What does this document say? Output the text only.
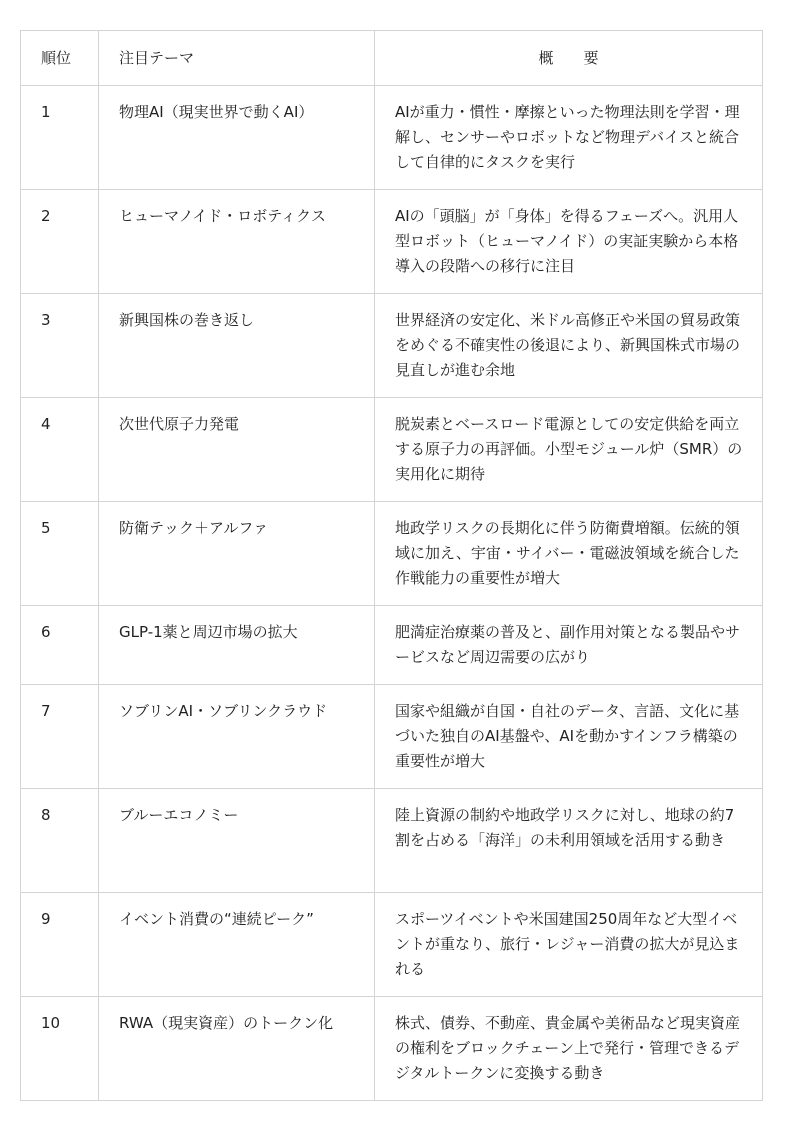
順位	注目テーマ	概　　要

1	物理AI（現実世界で動くAI）	AIが重力・慣性・摩擦といった物理法則を学習・理解し、センサーやロボットなど物理デバイスと統合して自律的にタスクを実行

2	ヒューマノイド・ロボティクス	AIの「頭脳」が「身体」を得るフェーズへ。汎用人型ロボット（ヒューマノイド）の実証実験から本格導入の段階への移行に注目

3	新興国株の巻き返し	世界経済の安定化、米ドル高修正や米国の貿易政策をめぐる不確実性の後退により、新興国株式市場の見直しが進む余地

4	次世代原子力発電	脱炭素とベースロード電源としての安定供給を両立する原子力の再評価。小型モジュール炉（SMR）の実用化に期待

5	防衛テック＋アルファ	地政学リスクの長期化に伴う防衛費増額。伝統的領域に加え、宇宙・サイバー・電磁波領域を統合した作戦能力の重要性が増大

6	GLP-1薬と周辺市場の拡大	肥満症治療薬の普及と、副作用対策となる製品やサービスなど周辺需要の広がり

7	ソブリンAI・ソブリンクラウド	国家や組織が自国・自社のデータ、言語、文化に基づいた独自のAI基盤や、AIを動かすインフラ構築の重要性が増大

8	ブルーエコノミー	陸上資源の制約や地政学リスクに対し、地球の約7割を占める「海洋」の未利用領域を活用する動き

9	イベント消費の“連続ピーク”	スポーツイベントや米国建国250周年など大型イベントが重なり、旅行・レジャー消費の拡大が見込まれる

10	RWA（現実資産）のトークン化	株式、債券、不動産、貴金属や美術品など現実資産の権利をブロックチェーン上で発行・管理できるデジタルトークンに変換する動き
